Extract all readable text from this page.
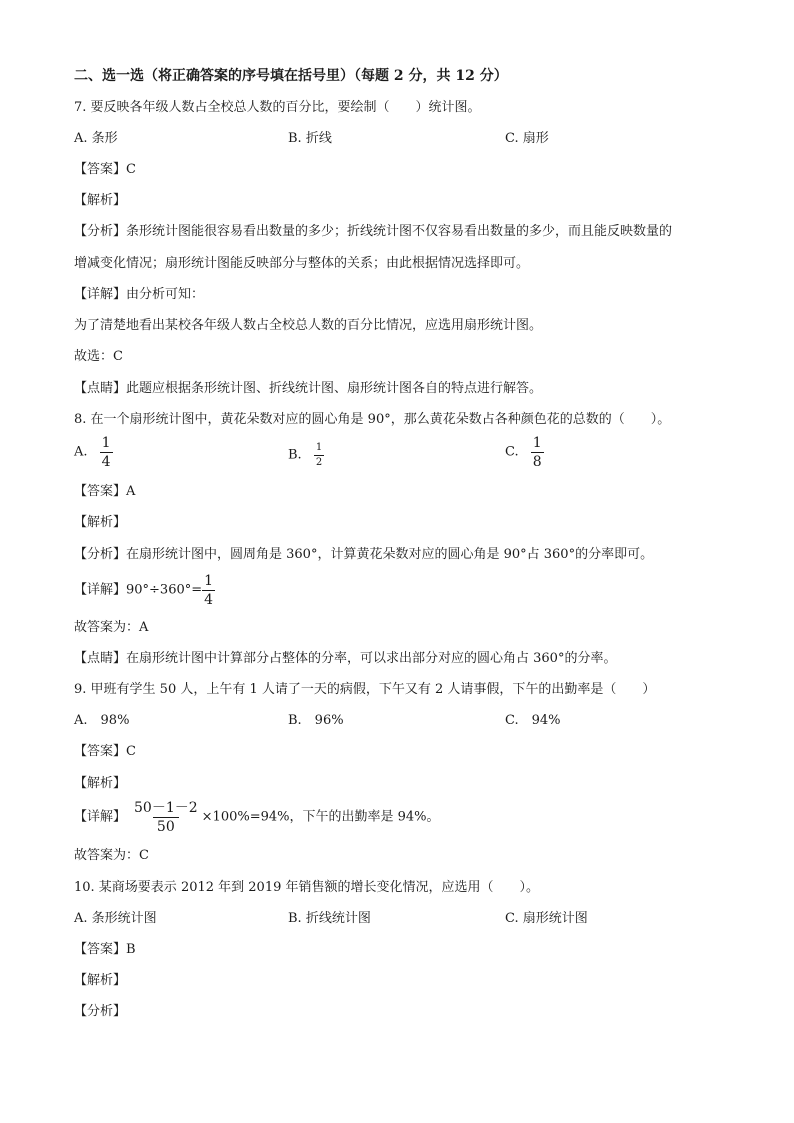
二、选一选（将正确答案的序号填在括号里）（每题 2 分，共 12 分）
7. 要反映各年级人数占全校总人数的百分比，要绘制（　　）统计图。
A. 条形	B. 折线	C. 扇形
【答案】C
【解析】
【分析】条形统计图能很容易看出数量的多少；折线统计图不仅容易看出数量的多少，而且能反映数量的
增减变化情况；扇形统计图能反映部分与整体的关系；由此根据情况选择即可。
【详解】由分析可知：
为了清楚地看出某校各年级人数占全校总人数的百分比情况，应选用扇形统计图。
故选：C
【点睛】此题应根据条形统计图、折线统计图、扇形统计图各自的特点进行解答。
8. 在一个扇形统计图中，黄花朵数对应的圆心角是 90°，那么黄花朵数占各种颜色花的总数的（　　）。
A. $\frac{1}{4}$	B. $\frac{1}{2}$	C. $\frac{1}{8}$
【答案】A
【解析】
【分析】在扇形统计图中，圆周角是 360°，计算黄花朵数对应的圆心角是 90°占 360°的分率即可。
【详解】$90^\circ\div 360^\circ= \frac{1}{4}$
故答案为：A
【点睛】在扇形统计图中计算部分占整体的分率，可以求出部分对应的圆心角占 360°的分率。
9. 甲班有学生 50 人，上午有 1 人请了一天的病假，下午又有 2 人请事假，下午的出勤率是（　　）
A.　98%	B.　96%	C.　94%
【答案】C
【解析】
【详解】 $\frac{50-1-2}{50} \times 100\%=94\%$，下午的出勤率是 94%。
故答案为：C
10. 某商场要表示 2012 年到 2019 年销售额的增长变化情况，应选用（　　）。
A. 条形统计图	B. 折线统计图	C. 扇形统计图
【答案】B
【解析】
【分析】
